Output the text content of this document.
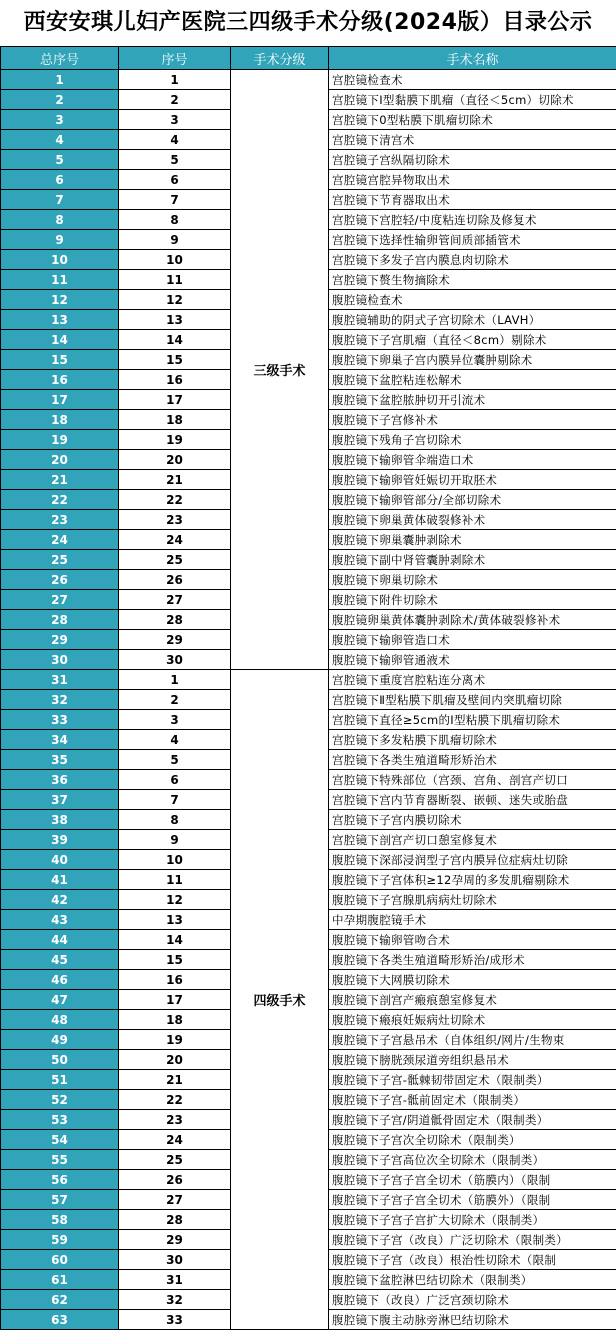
西安安琪儿妇产医院三四级手术分级(2024版）目录公示
总序号	序号	手术分级	手术名称
1	1	三级手术	宫腔镜检查术
2	2		宫腔镜下Ⅰ型黏膜下肌瘤（直径＜5cm）切除术
3	3		宫腔镜下0型粘膜下肌瘤切除术
4	4		宫腔镜下清宫术
5	5		宫腔镜子宫纵隔切除术
6	6		宫腔镜宫腔异物取出术
7	7		宫腔镜下节育器取出术
8	8		宫腔镜下宫腔轻/中度粘连切除及修复术
9	9		宫腔镜下选择性输卵管间质部插管术
10	10		宫腔镜下多发子宫内膜息肉切除术
11	11		宫腔镜下赘生物摘除术
12	12		腹腔镜检查术
13	13		腹腔镜辅助的阴式子宫切除术（LAVH）
14	14		腹腔镜下子宫肌瘤（直径＜8cm）剔除术
15	15		腹腔镜下卵巢子宫内膜异位囊肿剔除术
16	16		腹腔镜下盆腔粘连松解术
17	17		腹腔镜下盆腔脓肿切开引流术
18	18		腹腔镜下子宫修补术
19	19		腹腔镜下残角子宫切除术
20	20		腹腔镜下输卵管伞端造口术
21	21		腹腔镜下输卵管妊娠切开取胚术
22	22		腹腔镜下输卵管部分/全部切除术
23	23		腹腔镜下卵巢黄体破裂修补术
24	24		腹腔镜下卵巢囊肿剥除术
25	25		腹腔镜下副中肾管囊肿剥除术
26	26		腹腔镜下卵巢切除术
27	27		腹腔镜下附件切除术
28	28		腹腔镜卵巢黄体囊肿剥除术/黄体破裂修补术
29	29		腹腔镜下输卵管造口术
30	30		腹腔镜下输卵管通液术
31	1	四级手术	宫腔镜下重度宫腔粘连分离术
32	2		宫腔镜下Ⅱ型粘膜下肌瘤及壁间内突肌瘤切除
33	3		宫腔镜下直径≥5cm的Ⅰ型粘膜下肌瘤切除术
34	4		宫腔镜下多发粘膜下肌瘤切除术
35	5		宫腔镜下各类生殖道畸形矫治术
36	6		宫腔镜下特殊部位（宫颈、宫角、剖宫产切口
37	7		宫腔镜下宫内节育器断裂、嵌顿、迷失或胎盘
38	8		宫腔镜下子宫内膜切除术
39	9		宫腔镜下剖宫产切口憩室修复术
40	10		腹腔镜下深部浸润型子宫内膜异位症病灶切除
41	11		腹腔镜下子宫体积≥12孕周的多发肌瘤剔除术
42	12		腹腔镜下子宫腺肌病病灶切除术
43	13		中孕期腹腔镜手术
44	14		腹腔镜下输卵管吻合术
45	15		腹腔镜下各类生殖道畸形矫治/成形术
46	16		腹腔镜下大网膜切除术
47	17		腹腔镜下剖宫产瘢痕憩室修复术
48	18		腹腔镜下瘢痕妊娠病灶切除术
49	19		腹腔镜下子宫悬吊术（自体组织/网片/生物束
50	20		腹腔镜下膀胱颈尿道旁组织悬吊术
51	21		腹腔镜下子宫-骶棘韧带固定术（限制类）
52	22		腹腔镜下子宫-骶前固定术（限制类）
53	23		腹腔镜下子宫/阴道骶骨固定术（限制类）
54	24		腹腔镜下子宫次全切除术（限制类）
55	25		腹腔镜下子宫高位次全切除术（限制类）
56	26		腹腔镜下子宫子宫全切术（筋膜内）（限制
57	27		腹腔镜下子宫子宫全切术（筋膜外）（限制
58	28		腹腔镜下子宫子宫扩大切除术（限制类）
59	29		腹腔镜下子宫（改良）广泛切除术（限制类）
60	30		腹腔镜下子宫（改良）根治性切除术（限制
61	31		腹腔镜下盆腔淋巴结切除术（限制类）
62	32		腹腔镜下（改良）广泛宫颈切除术
63	33		腹腔镜下腹主动脉旁淋巴结切除术
